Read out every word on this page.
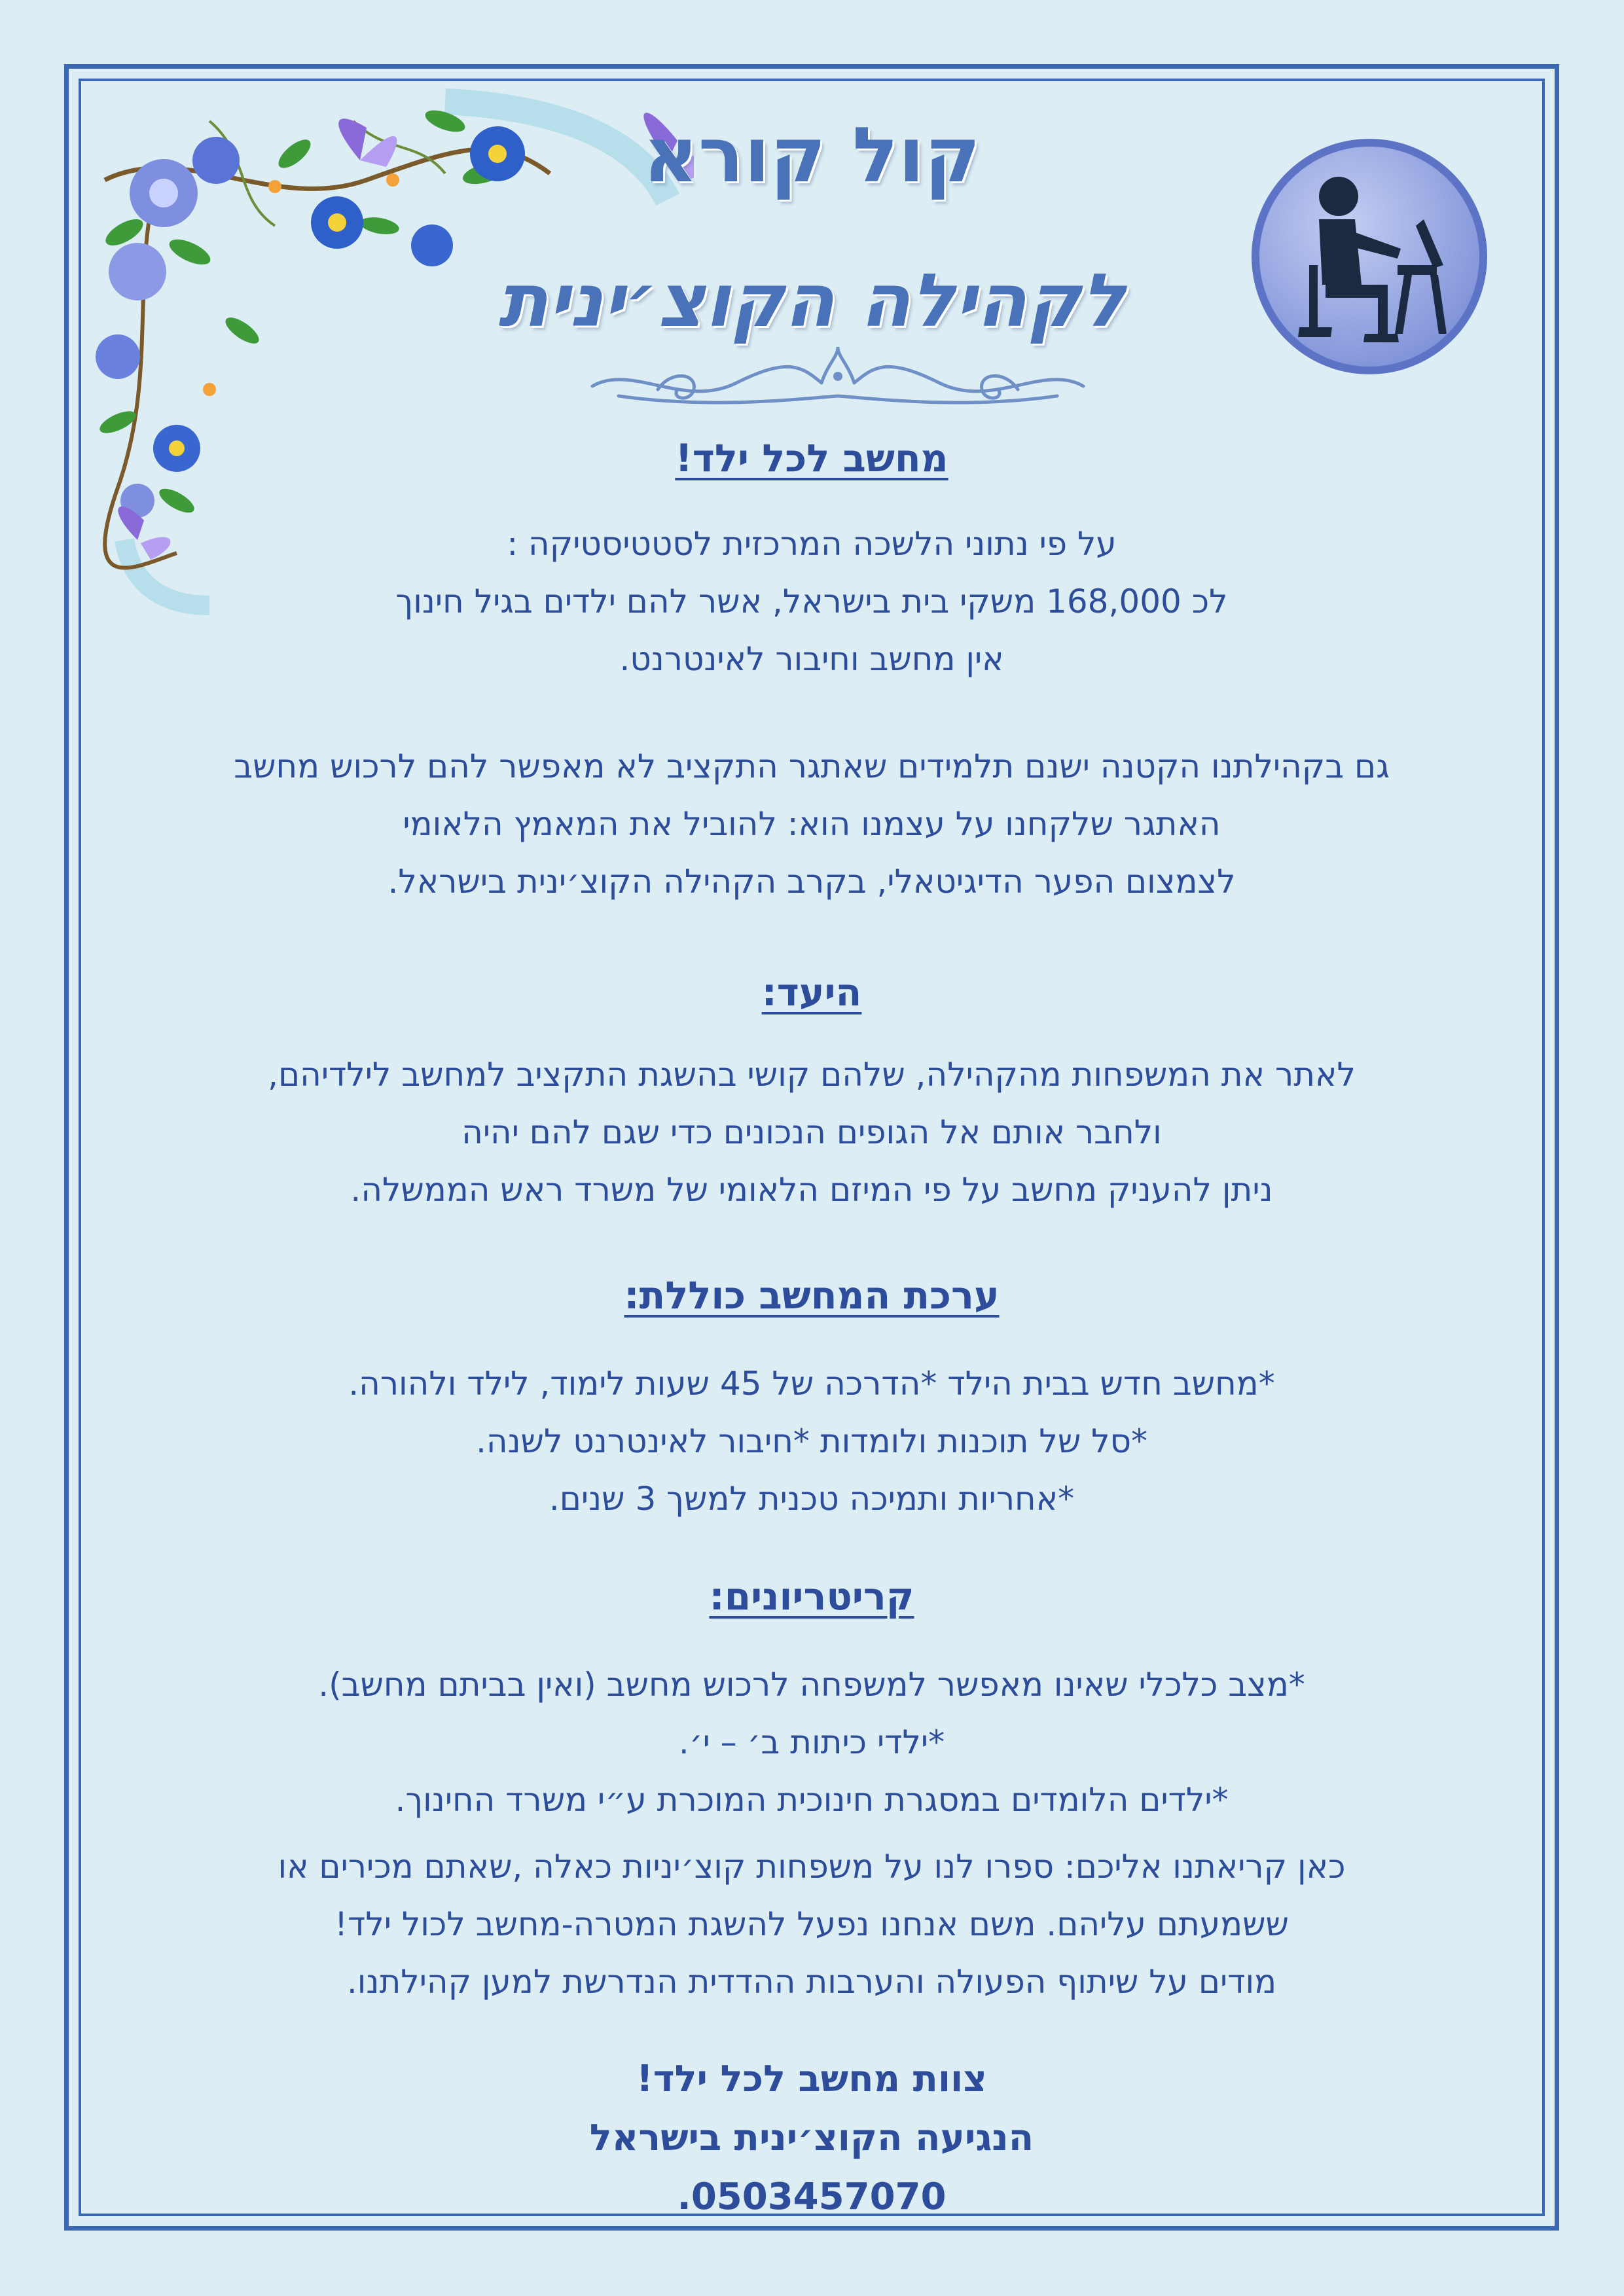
קול קורא
לקהילה הקוצ׳ינית
מחשב לכל ילד!
על פי נתוני הלשכה המרכזית לסטטיסטיקה :
לכ 168,000 משקי בית בישראל, אשר להם ילדים בגיל חינוך
אין מחשב וחיבור לאינטרנט.
גם בקהילתנו הקטנה ישנם תלמידים שאתגר התקציב לא מאפשר להם לרכוש מחשב
האתגר שלקחנו על עצמנו הוא: להוביל את המאמץ הלאומי
לצמצום הפער הדיגיטאלי, בקרב הקהילה הקוצ׳ינית בישראל.
היעד:
לאתר את המשפחות מהקהילה, שלהם קושי בהשגת התקציב למחשב לילדיהם,
ולחבר אותם אל הגופים הנכונים כדי שגם להם יהיה
ניתן להעניק מחשב על פי המיזם הלאומי של משרד ראש הממשלה.
ערכת המחשב כוללת:
*מחשב חדש בבית הילד *הדרכה של 45 שעות לימוד, לילד ולהורה.
*סל של תוכנות ולומדות *חיבור לאינטרנט לשנה.
*אחריות ותמיכה טכנית למשך 3 שנים.
קריטריונים:
*מצב כלכלי שאינו מאפשר למשפחה לרכוש מחשב (ואין בביתם מחשב).
*ילדי כיתות ב׳ – י׳.
*ילדים הלומדים במסגרת חינוכית המוכרת ע״י משרד החינוך.
כאן קריאתנו אליכם: ספרו לנו על משפחות קוצ׳יניות כאלה ,שאתם מכירים או
ששמעתם עליהם. משם אנחנו נפעל להשגת המטרה-מחשב לכול ילד!
מודים על שיתוף הפעולה והערבות ההדדית הנדרשת למען קהילתנו.
צוות מחשב לכל ילד!
הנגיעה הקוצ׳ינית בישראל
0503457070.
